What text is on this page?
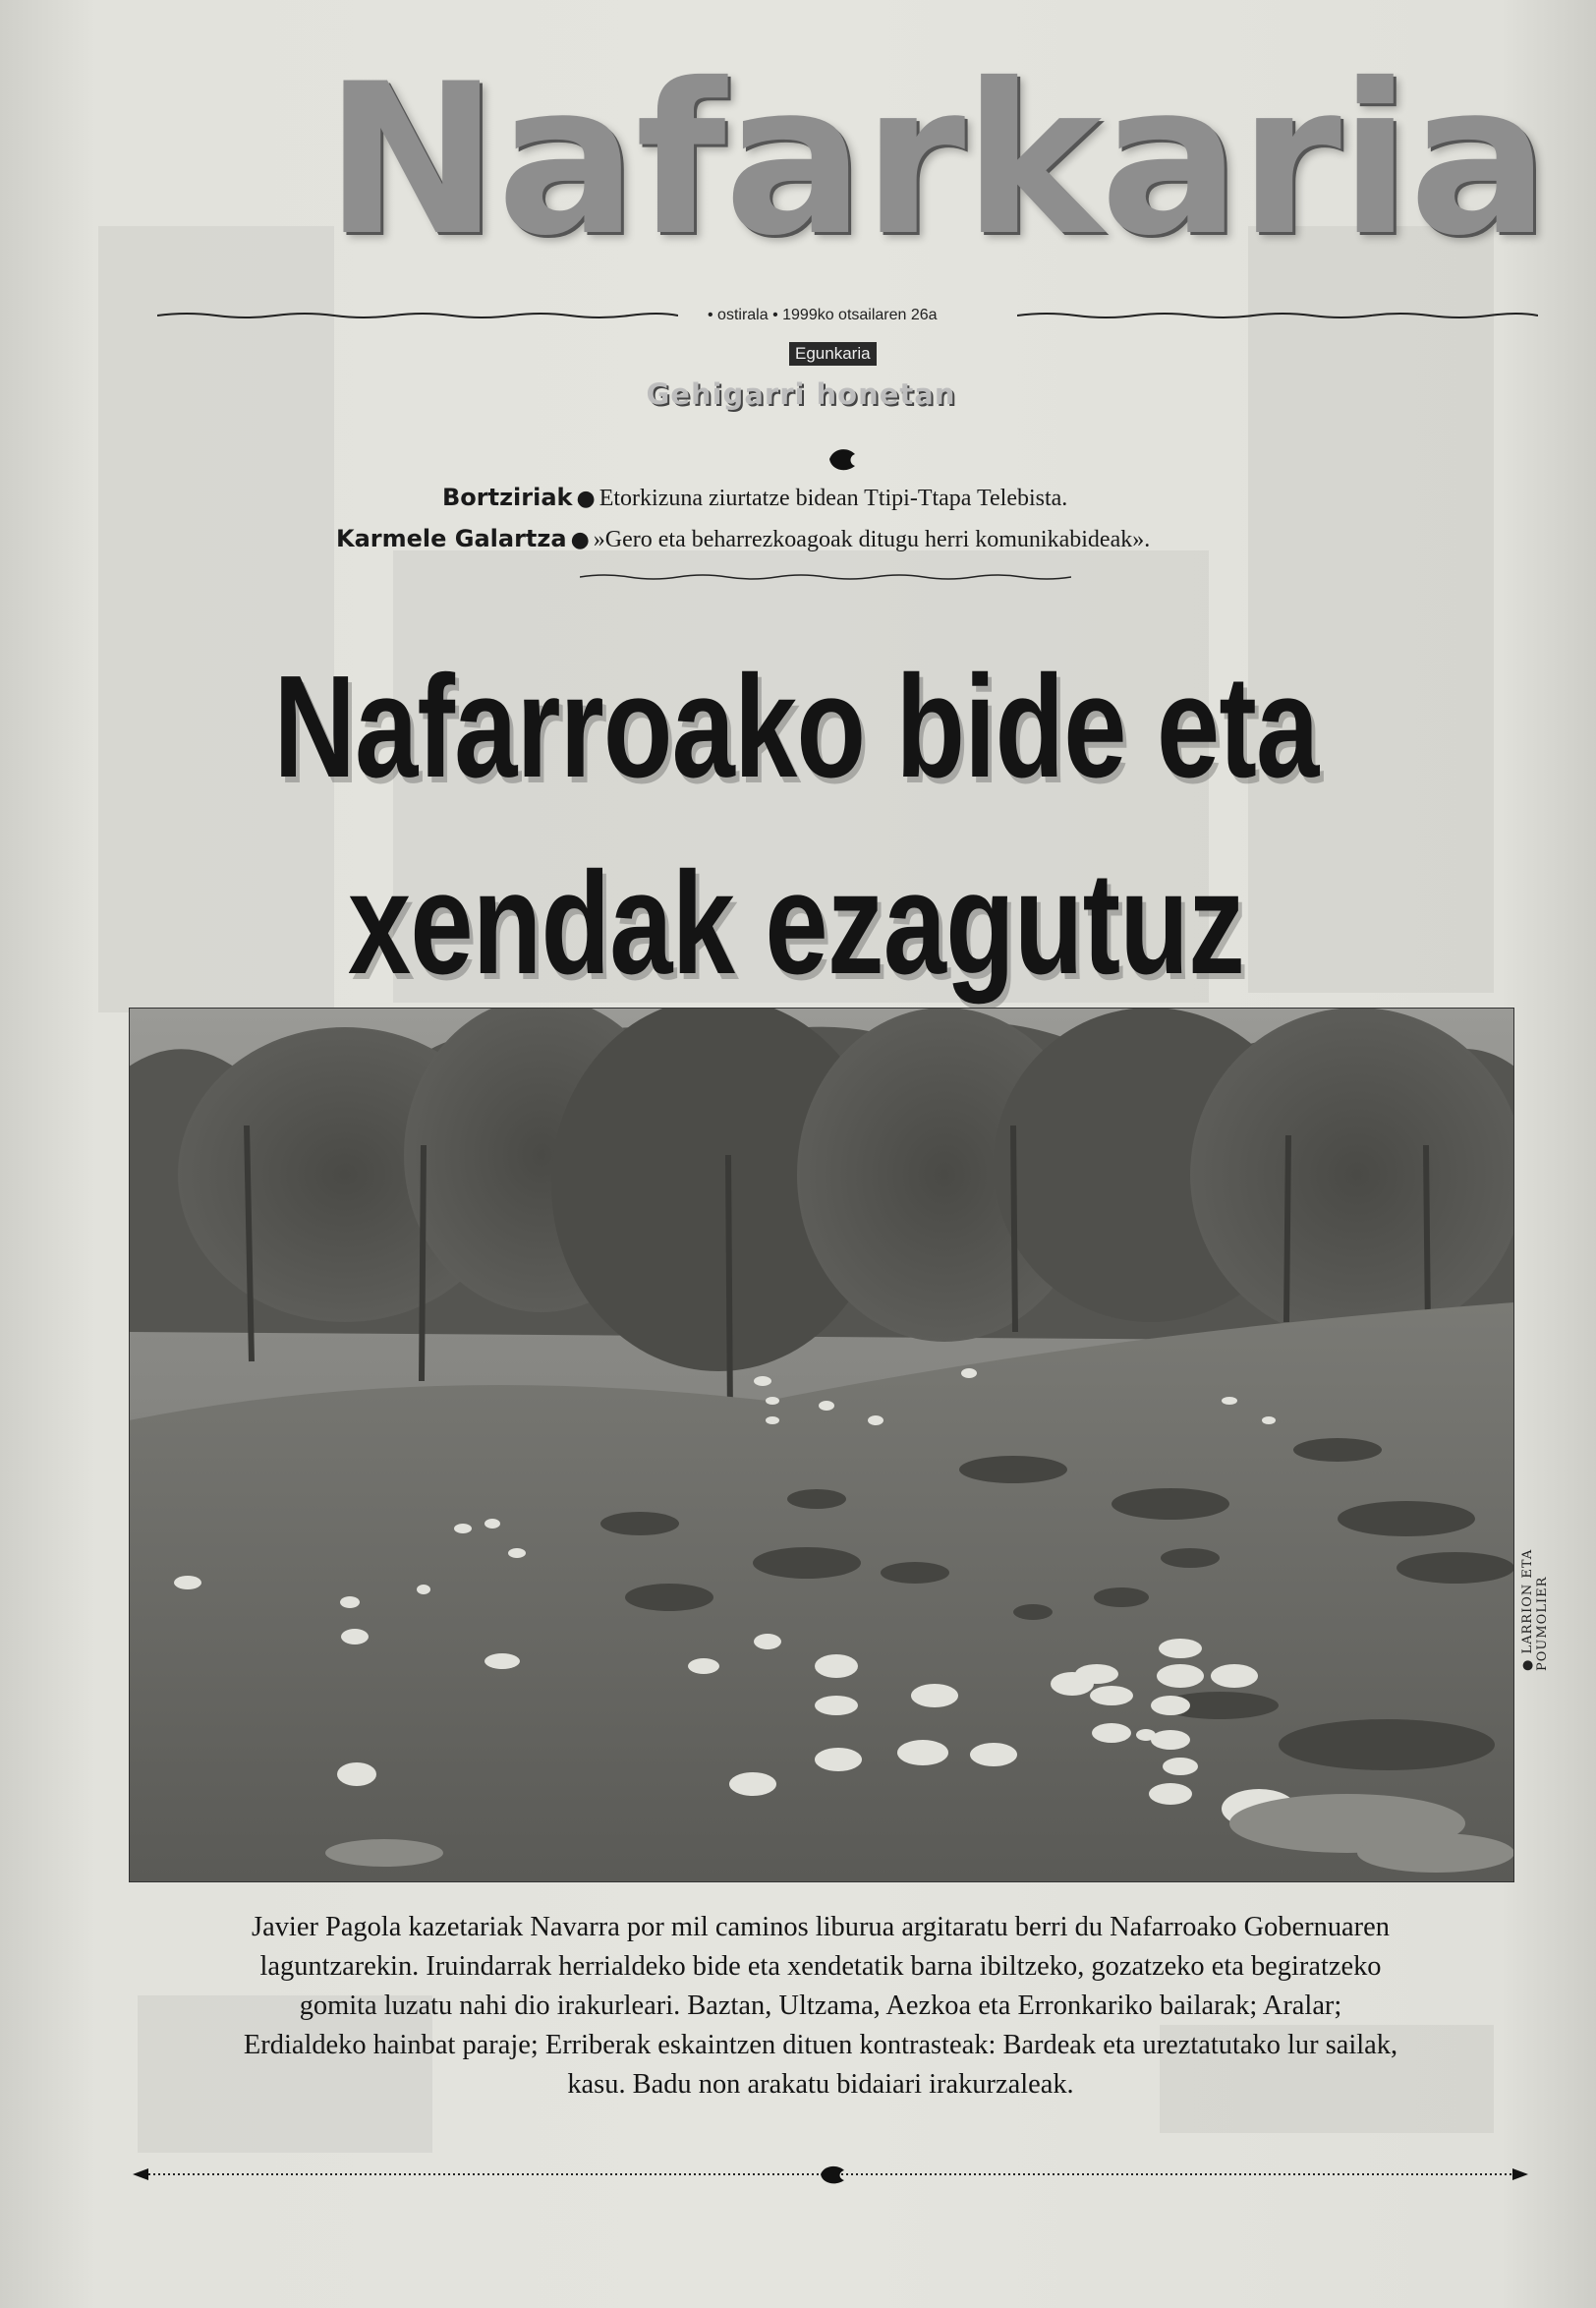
Nafarkaria
• ostirala • 1999ko otsailaren 26a
Egunkaria
Gehigarri honetan
Bortziriak ● Etorkizuna ziurtatze bidean Ttipi-Ttapa Telebista.
Karmele Galartza ● »Gero eta beharrezkoagoak ditugu herri komunikabideak».
Nafarroako bide eta
xendak ezagutuz
● LARRION ETA POUMOLIER
Javier Pagola kazetariak Navarra por mil caminos liburua argitaratu berri du Nafarroako Gobernuaren
laguntzarekin. Iruindarrak herrialdeko bide eta xendetatik barna ibiltzeko, gozatzeko eta begiratzeko
gomita luzatu nahi dio irakurleari. Baztan, Ultzama, Aezkoa eta Erronkariko bailarak; Aralar;
Erdialdeko hainbat paraje; Erriberak eskaintzen dituen kontrasteak: Bardeak eta ureztatutako lur sailak,
kasu. Badu non arakatu bidaiari irakurzaleak.
